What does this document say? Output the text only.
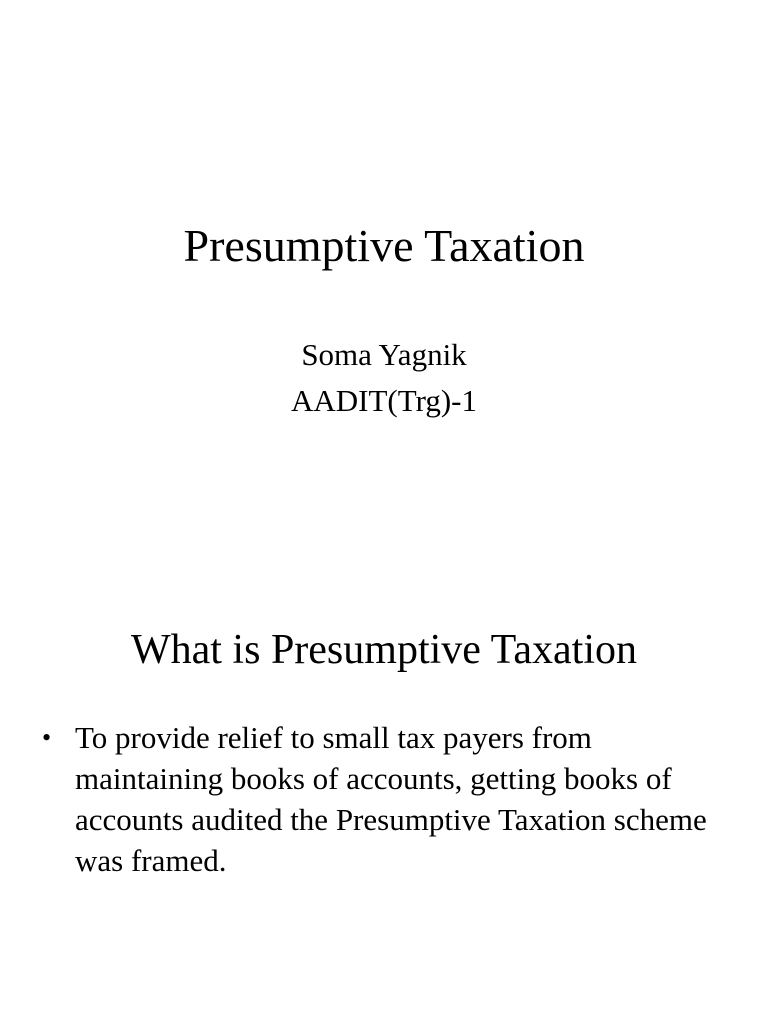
Presumptive Taxation
Soma Yagnik
AADIT(Trg)-1
What is Presumptive Taxation
• To provide relief to small tax payers from maintaining books of accounts, getting books of accounts audited the Presumptive Taxation scheme was framed.
